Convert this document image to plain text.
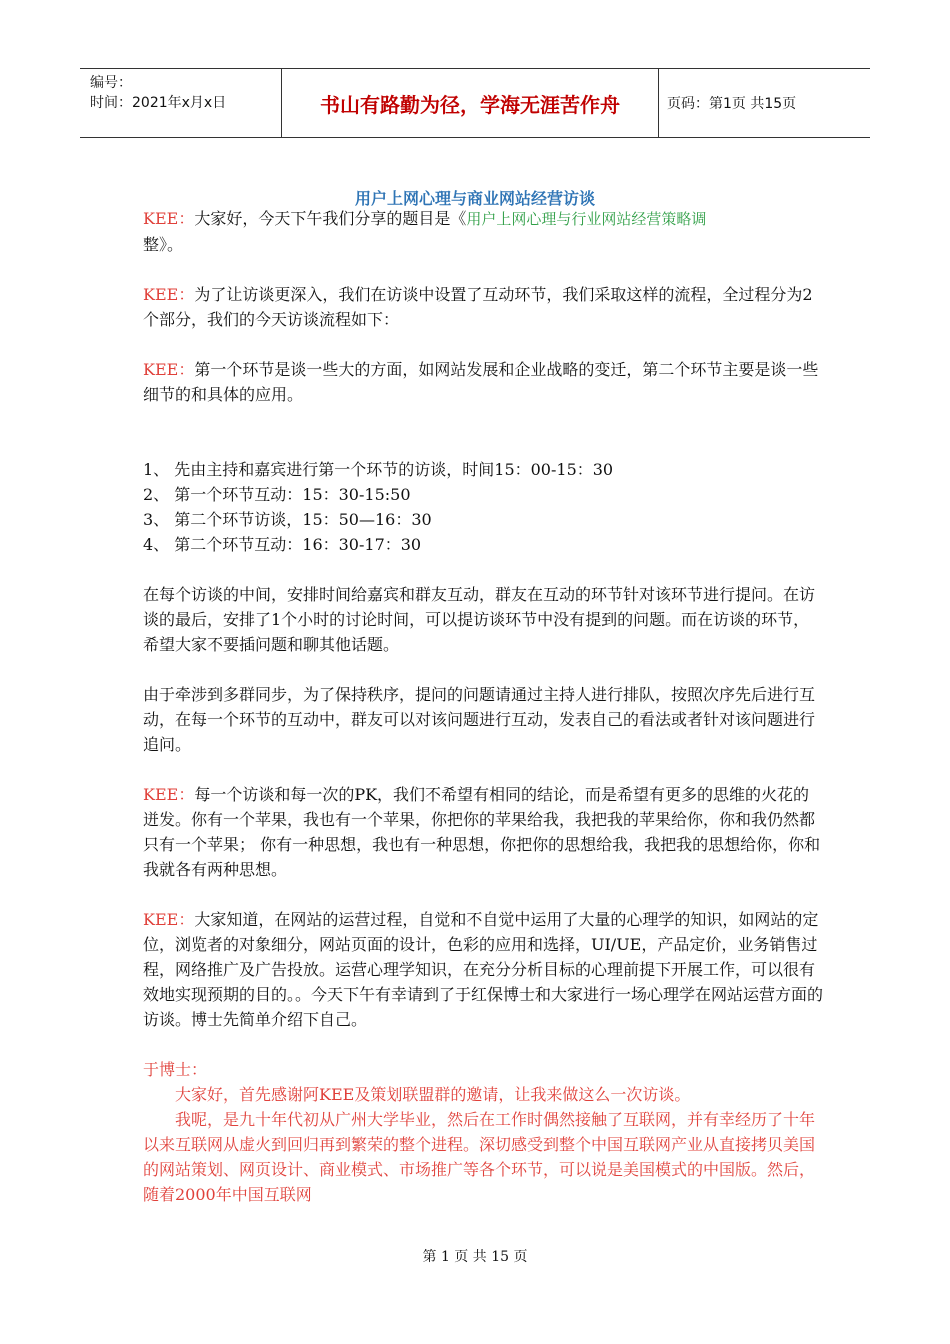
编号：
时间：2021年x月x日	书山有路勤为径，学海无涯苦作舟	页码：第1页 共15页
用户上网心理与商业网站经营访谈

KEE：大家好，今天下午我们分享的题目是《用户上网心理与行业网站经营策略调
整》。

KEE：为了让访谈更深入，我们在访谈中设置了互动环节，我们采取这样的流程，全过程分为2个部分，我们的今天访谈流程如下：

KEE：第一个环节是谈一些大的方面，如网站发展和企业战略的变迁，第二个环节主要是谈一些细节的和具体的应用。

1、 先由主持和嘉宾进行第一个环节的访谈，时间15：00-15：30

2、 第一个环节互动：15：30-15:50

3、 第二个环节访谈，15：50—16：30

4、 第二个环节互动：16：30-17：30

在每个访谈的中间，安排时间给嘉宾和群友互动，群友在互动的环节针对该环节进行提问。在访谈的最后，安排了1个小时的讨论时间，可以提访谈环节中没有提到的问题。而在访谈的环节，希望大家不要插问题和聊其他话题。

由于牵涉到多群同步，为了保持秩序，提问的问题请通过主持人进行排队，按照次序先后进行互动，在每一个环节的互动中，群友可以对该问题进行互动，发表自己的看法或者针对该问题进行追问。

KEE：每一个访谈和每一次的PK，我们不希望有相同的结论，而是希望有更多的思维的火花的迸发。你有一个苹果，我也有一个苹果，你把你的苹果给我，我把我的苹果给你，你和我仍然都只有一个苹果； 你有一种思想，我也有一种思想，你把你的思想给我，我把我的思想给你，你和我就各有两种思想。

KEE：大家知道，在网站的运营过程，自觉和不自觉中运用了大量的心理学的知识，如网站的定位，浏览者的对象细分，网站页面的设计，色彩的应用和选择，UI/UE，产品定价，业务销售过程，网络推广及广告投放。运营心理学知识，在充分分析目标的心理前提下开展工作，可以很有效地实现预期的目的。。今天下午有幸请到了于红保博士和大家进行一场心理学在网站运营方面的访谈。博士先简单介绍下自己。

于博士：

大家好，首先感谢阿KEE及策划联盟群的邀请，让我来做这么一次访谈。

我呢，是九十年代初从广州大学毕业，然后在工作时偶然接触了互联网，并有幸经历了十年以来互联网从虚火到回归再到繁荣的整个进程。深切感受到整个中国互联网产业从直接拷贝美国的网站策划、网页设计、商业模式、市场推广等各个环节，可以说是美国模式的中国版。然后，随着2000年中国互联网

第 1 页 共 15 页
